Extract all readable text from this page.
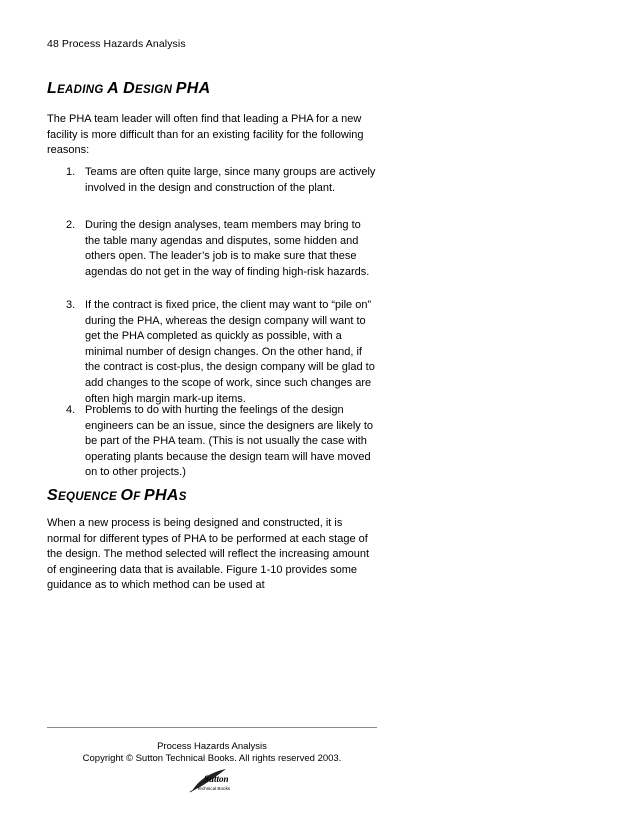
48 Process Hazards Analysis
LEADING A DESIGN PHA
The PHA team leader will often find that leading a PHA for a new facility is more difficult than for an existing facility for the following reasons:
1. Teams are often quite large, since many groups are actively involved in the design and construction of the plant.
2. During the design analyses, team members may bring to the table many agendas and disputes, some hidden and others open. The leader’s job is to make sure that these agendas do not get in the way of finding high-risk hazards.
3. If the contract is fixed price, the client may want to “pile on” during the PHA, whereas the design company will want to get the PHA completed as quickly as possible, with a minimal number of design changes. On the other hand, if the contract is cost-plus, the design company will be glad to add changes to the scope of work, since such changes are often high margin mark-up items.
4. Problems to do with hurting the feelings of the design engineers can be an issue, since the designers are likely to be part of the PHA team. (This is not usually the case with operating plants because the design team will have moved on to other projects.)
SEQUENCE OF PHAS
When a new process is being designed and constructed, it is normal for different types of PHA to be performed at each stage of the design. The method selected will reflect the increasing amount of engineering data that is available. Figure 1-10 provides some guidance as to which method can be used at
Process Hazards Analysis
Copyright © Sutton Technical Books. All rights reserved 2003.
Sutton
Technical Books
